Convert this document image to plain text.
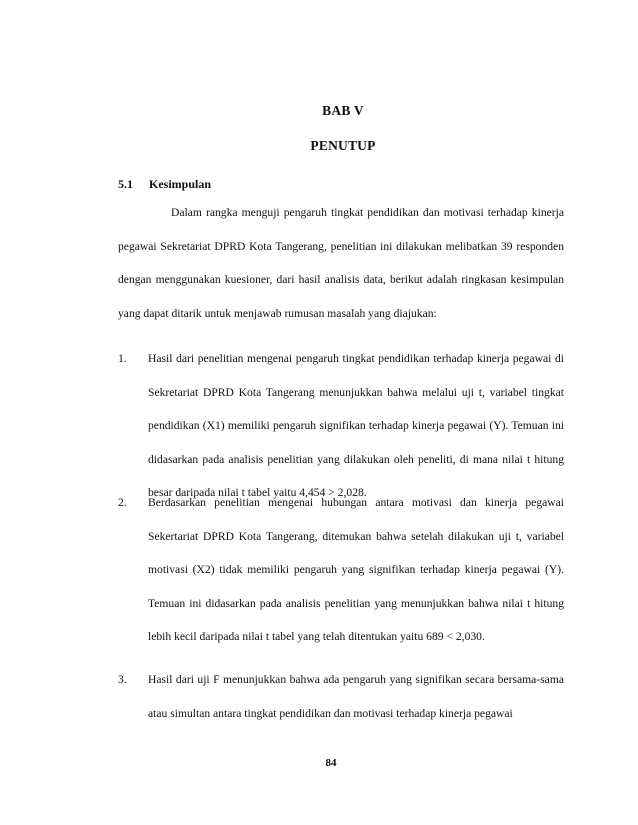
BAB V
PENUTUP
5.1 Kesimpulan

Dalam rangka menguji pengaruh tingkat pendidikan dan motivasi terhadap kinerja pegawai Sekretariat DPRD Kota Tangerang, penelitian ini dilakukan melibatkan 39 responden dengan menggunakan kuesioner, dari hasil analisis data, berikut adalah ringkasan kesimpulan yang dapat ditarik untuk menjawab rumusan masalah yang diajukan:

1.	Hasil dari penelitian mengenai pengaruh tingkat pendidikan terhadap kinerja pegawai di Sekretariat DPRD Kota Tangerang menunjukkan bahwa melalui uji t, variabel tingkat pendidikan (X1) memiliki pengaruh signifikan terhadap kinerja pegawai (Y). Temuan ini didasarkan pada analisis penelitian yang dilakukan oleh peneliti, di mana nilai t hitung besar daripada nilai t tabel yaitu 4,454 > 2,028.
2.	Berdasarkan penelitian mengenai hubungan antara motivasi dan kinerja pegawai Sekertariat DPRD Kota Tangerang, ditemukan bahwa setelah dilakukan uji t, variabel motivasi (X2) tidak memiliki pengaruh yang signifikan terhadap kinerja pegawai (Y). Temuan ini didasarkan pada analisis penelitian yang menunjukkan bahwa nilai t hitung lebih kecil daripada nilai t tabel yang telah ditentukan yaitu 689 < 2,030.
3.	Hasil dari uji F menunjukkan bahwa ada pengaruh yang signifikan secara bersama-sama atau simultan antara tingkat pendidikan dan motivasi terhadap kinerja pegawai
84
